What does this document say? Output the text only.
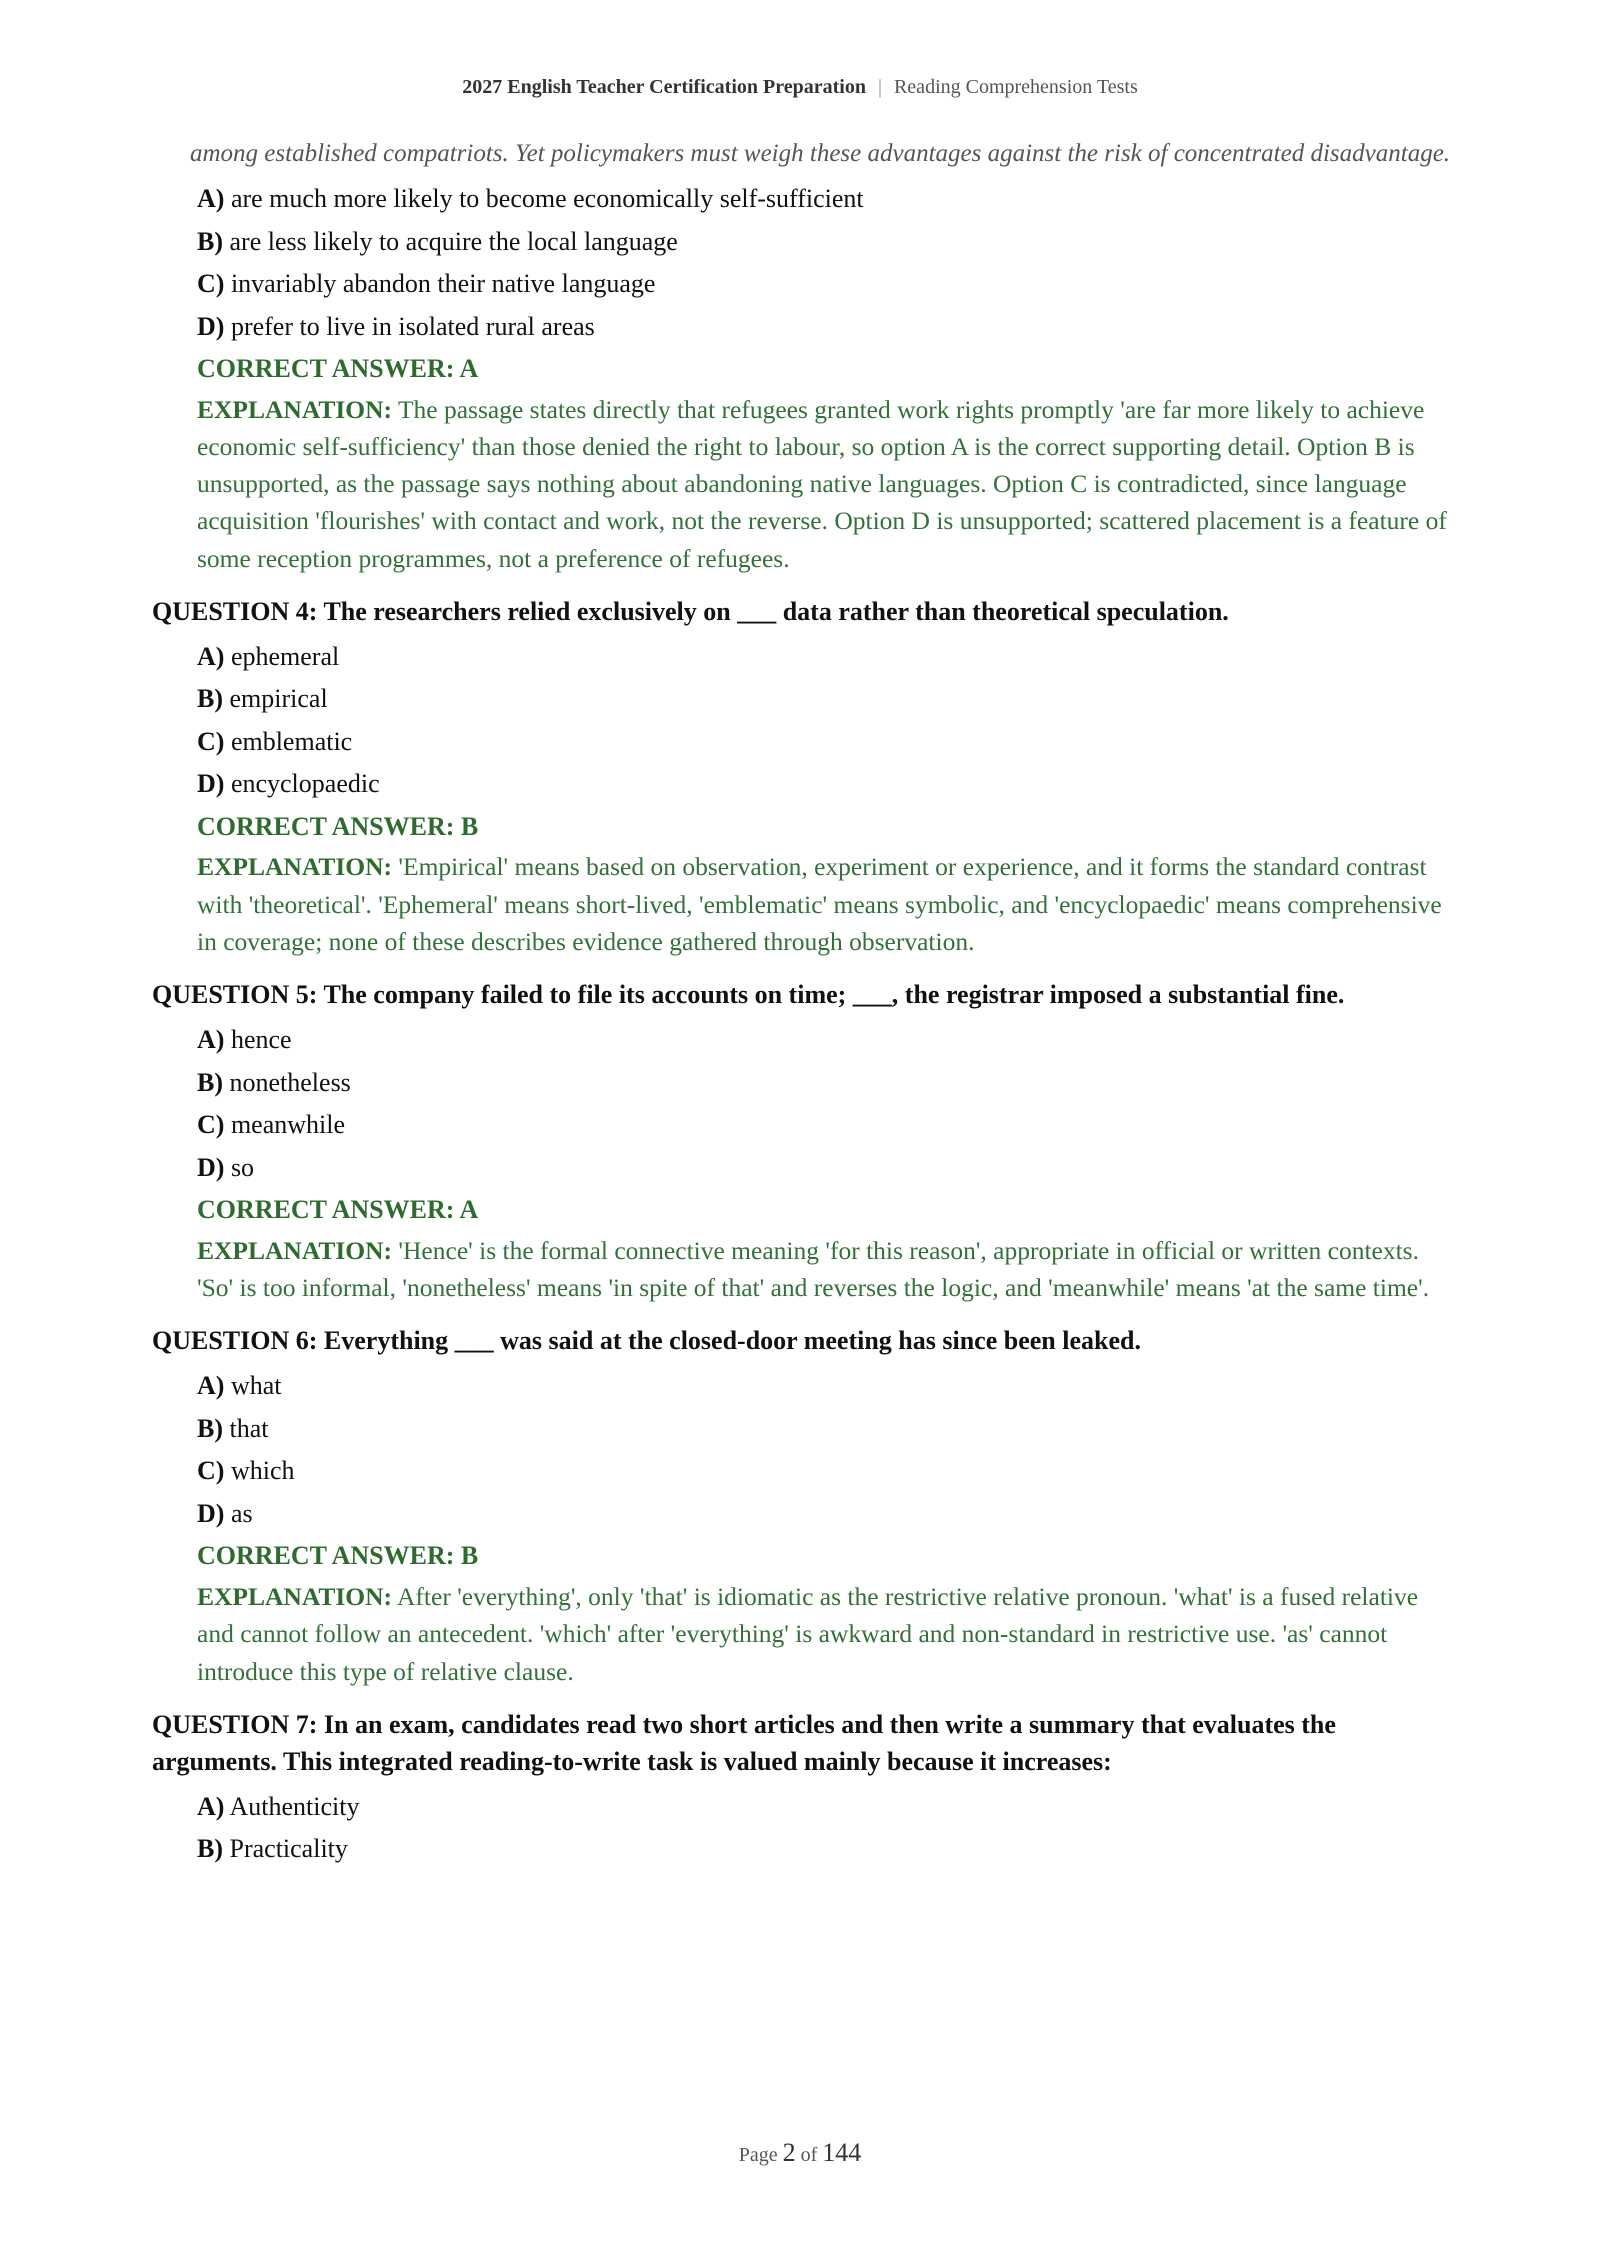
2027 English Teacher Certification Preparation | Reading Comprehension Tests
among established compatriots. Yet policymakers must weigh these advantages against the risk of concentrated disadvantage.
A) are much more likely to become economically self-sufficient
B) are less likely to acquire the local language
C) invariably abandon their native language
D) prefer to live in isolated rural areas
CORRECT ANSWER: A
EXPLANATION: The passage states directly that refugees granted work rights promptly 'are far more likely to achieve economic self-sufficiency' than those denied the right to labour, so option A is the correct supporting detail. Option B is unsupported, as the passage says nothing about abandoning native languages. Option C is contradicted, since language acquisition 'flourishes' with contact and work, not the reverse. Option D is unsupported; scattered placement is a feature of some reception programmes, not a preference of refugees.
QUESTION 4: The researchers relied exclusively on ___ data rather than theoretical speculation.
A) ephemeral
B) empirical
C) emblematic
D) encyclopaedic
CORRECT ANSWER: B
EXPLANATION: 'Empirical' means based on observation, experiment or experience, and it forms the standard contrast with 'theoretical'. 'Ephemeral' means short-lived, 'emblematic' means symbolic, and 'encyclopaedic' means comprehensive in coverage; none of these describes evidence gathered through observation.
QUESTION 5: The company failed to file its accounts on time; ___, the registrar imposed a substantial fine.
A) hence
B) nonetheless
C) meanwhile
D) so
CORRECT ANSWER: A
EXPLANATION: 'Hence' is the formal connective meaning 'for this reason', appropriate in official or written contexts. 'So' is too informal, 'nonetheless' means 'in spite of that' and reverses the logic, and 'meanwhile' means 'at the same time'.
QUESTION 6: Everything ___ was said at the closed-door meeting has since been leaked.
A) what
B) that
C) which
D) as
CORRECT ANSWER: B
EXPLANATION: After 'everything', only 'that' is idiomatic as the restrictive relative pronoun. 'what' is a fused relative and cannot follow an antecedent. 'which' after 'everything' is awkward and non-standard in restrictive use. 'as' cannot introduce this type of relative clause.
QUESTION 7: In an exam, candidates read two short articles and then write a summary that evaluates the arguments. This integrated reading-to-write task is valued mainly because it increases:
A) Authenticity
B) Practicality
Page 2 of 144
